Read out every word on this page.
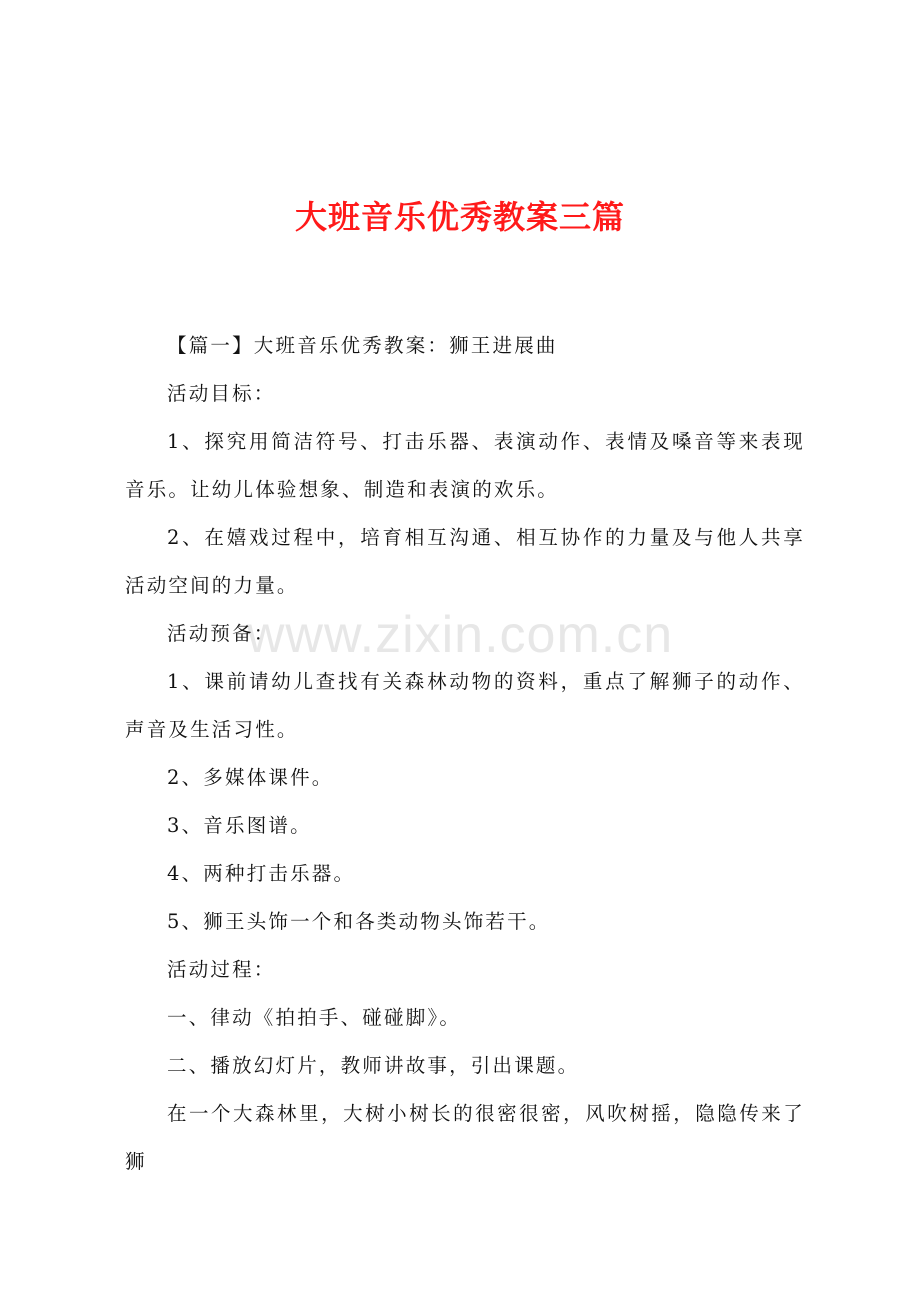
大班音乐优秀教案三篇

【篇一】大班音乐优秀教案：狮王进展曲

活动目标：

1、探究用简洁符号、打击乐器、表演动作、表情及嗓音等来表现音乐。让幼儿体验想象、制造和表演的欢乐。

2、在嬉戏过程中，培育相互沟通、相互协作的力量及与他人共享活动空间的力量。

活动预备：

1、课前请幼儿查找有关森林动物的资料，重点了解狮子的动作、声音及生活习性。

2、多媒体课件。

3、音乐图谱。

4、两种打击乐器。

5、狮王头饰一个和各类动物头饰若干。

活动过程：

一、律动《拍拍手、碰碰脚》。

二、播放幻灯片，教师讲故事，引出课题。

在一个大森林里，大树小树长的很密很密，风吹树摇，隐隐传来了狮

www.zixin.com.cn
